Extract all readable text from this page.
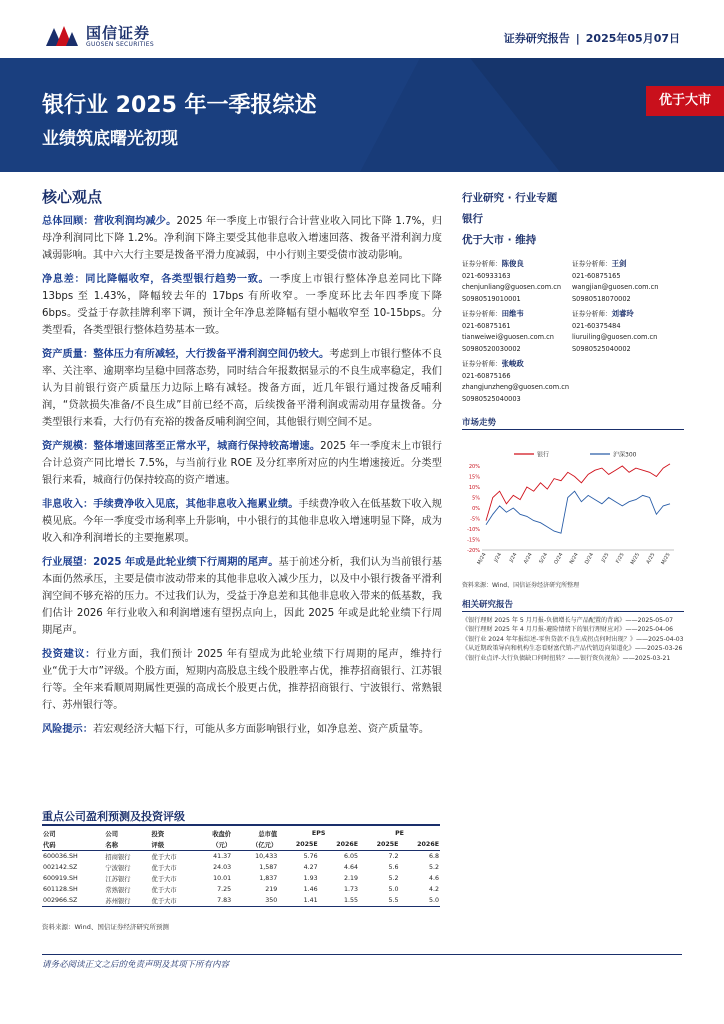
国信证券
GUOSEN SECURITIES	证券研究报告 | 2025年05月07日
银行业 2025 年一季报综述
业绩筑底曙光初现
优于大市
核心观点

总体回顾：营收利润均减少。2025 年一季度上市银行合计营业收入同比下降 1.7%，归母净利润同比下降 1.2%。净利润下降主要受其他非息收入增速回落、拨备平滑利润力度减弱影响。其中六大行主要是拨备平滑力度减弱，中小行则主要受债市波动影响。

净息差：同比降幅收窄，各类型银行趋势一致。一季度上市银行整体净息差同比下降 13bps 至 1.43%，降幅较去年的 17bps 有所收窄。一季度环比去年四季度下降 6bps。受益于存款挂牌利率下调，预计全年净息差降幅有望小幅收窄至 10-15bps。分类型看，各类型银行整体趋势基本一致。

资产质量：整体压力有所减轻，大行拨备平滑利润空间仍较大。考虑到上市银行整体不良率、关注率、逾期率均呈稳中回落态势，同时结合年报数据显示的不良生成率稳定，我们认为目前银行资产质量压力边际上略有减轻。拨备方面，近几年银行通过拨备反哺利润，“贷款损失准备/不良生成”目前已经不高，后续拨备平滑利润或需动用存量拨备。分类型银行来看，大行仍有充裕的拨备反哺利润空间，其他银行则空间不足。

资产规模：整体增速回落至正常水平，城商行保持较高增速。2025 年一季度末上市银行合计总资产同比增长 7.5%，与当前行业 ROE 及分红率所对应的内生增速接近。分类型银行来看，城商行仍保持较高的资产增速。

非息收入：手续费净收入见底，其他非息收入拖累业绩。手续费净收入在低基数下收入规模见底。今年一季度受市场利率上升影响，中小银行的其他非息收入增速明显下降，成为收入和净利润增长的主要拖累项。

行业展望：2025 年或是此轮业绩下行周期的尾声。基于前述分析，我们认为当前银行基本面仍然承压，主要是债市波动带来的其他非息收入减少压力，以及中小银行拨备平滑利润空间不够充裕的压力。不过我们认为，受益于净息差和其他非息收入带来的低基数，我们估计 2026 年行业收入和利润增速有望拐点向上，因此 2025 年或是此轮业绩下行周期尾声。

投资建议：行业方面，我们预计 2025 年有望成为此轮业绩下行周期的尾声，维持行业“优于大市”评级。个股方面，短期内高股息主线个股胜率占优，推荐招商银行、江苏银行等。全年来看顺周期属性更强的高成长个股更占优，推荐招商银行、宁波银行、常熟银行、苏州银行等。

风险提示：若宏观经济大幅下行，可能从多方面影响银行业，如净息差、资产质量等。

重点公司盈利预测及投资评级
公司	公司	投资	收盘价	总市值	EPS		PE	
代码	名称	评级	（元）	（亿元）	2025E	2026E	2025E	2026E
600036.SH	招商银行	优于大市	41.37	10,433	5.76	6.05	7.2	6.8
002142.SZ	宁波银行	优于大市	24.03	1,587	4.27	4.64	5.6	5.2
600919.SH	江苏银行	优于大市	10.01	1,837	1.93	2.19	5.2	4.6
601128.SH	常熟银行	优于大市	7.25	219	1.46	1.73	5.0	4.2
002966.SZ	苏州银行	优于大市	7.83	350	1.41	1.55	5.5	5.0
资料来源：Wind、国信证券经济研究所预测
请务必阅读正文之后的免责声明及其项下所有内容
行业研究 · 行业专题
银行
优于大市 · 维持
证券分析师：陈俊良
021-60933163
chenjunliang@guosen.com.cn
S0980519010001
证券分析师：王剑
021-60875165
wangjian@guosen.com.cn
S0980518070002
证券分析师：田维韦
021-60875161
tianweiwei@guosen.com.cn
S0980520030002
证券分析师：刘睿玲
021-60375484
liuruiling@guosen.com.cn
S0980525040002
证券分析师：张峻政
021-60875166
zhangjunzheng@guosen.com.cn
S0980525040003
市场走势
银行	沪深300
20%
15%
10%
5%
0%
-5%
-10%
-15%
-20%
M/24 J/24 J/24 A/24 S/24 O/24 N/24 D/24 J/25 F/25 M/25 A/25 M/25
资料来源：Wind、国信证券经济研究所整理
相关研究报告
《银行理财 2025 年 5 月月报-负债增长与产品配置的背离》——2025-05-07
《银行理财 2025 年 4 月月报-避险情绪下的银行理财应对》——2025-04-06
《银行业 2024 年年报综述-零售贷款不良生成拐点何时出现？》——2025-04-03
《从近期政策导向和机构生态看财富代销-产品代销迈向渠道化》——2025-03-26
《银行业点评-大行负债缺口何时扭转？——银行资负视角》——2025-03-21
